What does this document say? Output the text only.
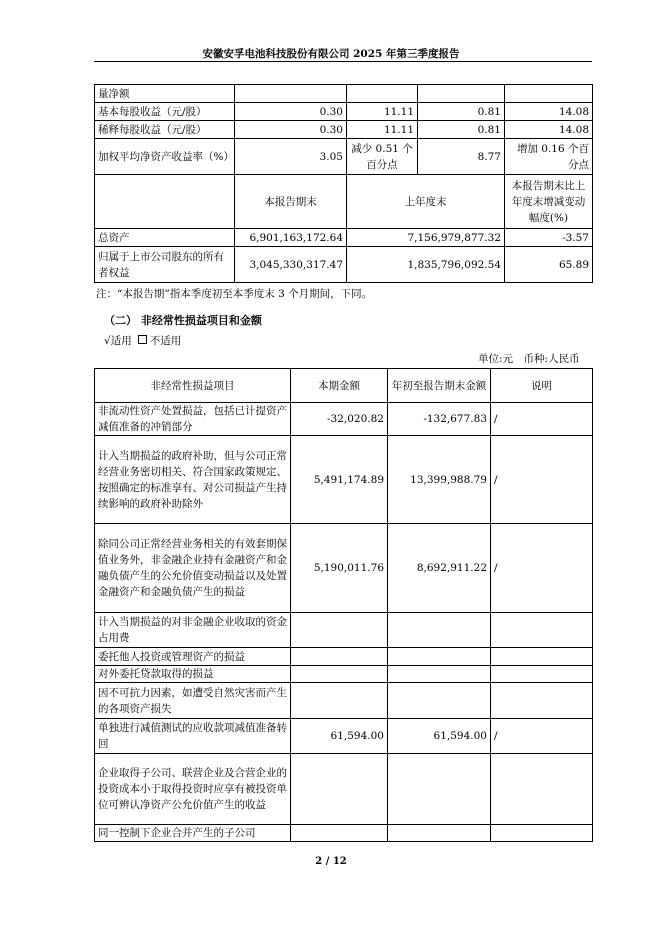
安徽安孚电池科技股份有限公司 2025 年第三季度报告
量净额				
基本每股收益（元/股）	0.30	11.11	0.81	14.08
稀释每股收益（元/股）	0.30	11.11	0.81	14.08
加权平均净资产收益率（%）	3.05	减少 0.51 个百分点	8.77	增加 0.16 个百分点
	本报告期末	上年度末		本报告期末比上年度末增减变动幅度(%)
总资产	6,901,163,172.64	7,156,979,877.32		-3.57
归属于上市公司股东的所有者权益	3,045,330,317.47	1,835,796,092.54		65.89
注：“本报告期”指本季度初至本季度末 3 个月期间，下同。
（二） 非经常性损益项目和金额
√适用 不适用
单位:元　币种:人民币
非经常性损益项目	本期金额	年初至报告期末金额	说明
非流动性资产处置损益，包括已计提资产减值准备的冲销部分	-32,020.82	-132,677.83	/
计入当期损益的政府补助，但与公司正常经营业务密切相关、符合国家政策规定、按照确定的标准享有、对公司损益产生持续影响的政府补助除外	5,491,174.89	13,399,988.79	/
除同公司正常经营业务相关的有效套期保值业务外，非金融企业持有金融资产和金融负债产生的公允价值变动损益以及处置金融资产和金融负债产生的损益	5,190,011.76	8,692,911.22	/
计入当期损益的对非金融企业收取的资金占用费			
委托他人投资或管理资产的损益			
对外委托贷款取得的损益			
因不可抗力因素，如遭受自然灾害而产生的各项资产损失			
单独进行减值测试的应收款项减值准备转回	61,594.00	61,594.00	/
企业取得子公司、联营企业及合营企业的投资成本小于取得投资时应享有被投资单位可辨认净资产公允价值产生的收益			
同一控制下企业合并产生的子公司			
2 / 12
